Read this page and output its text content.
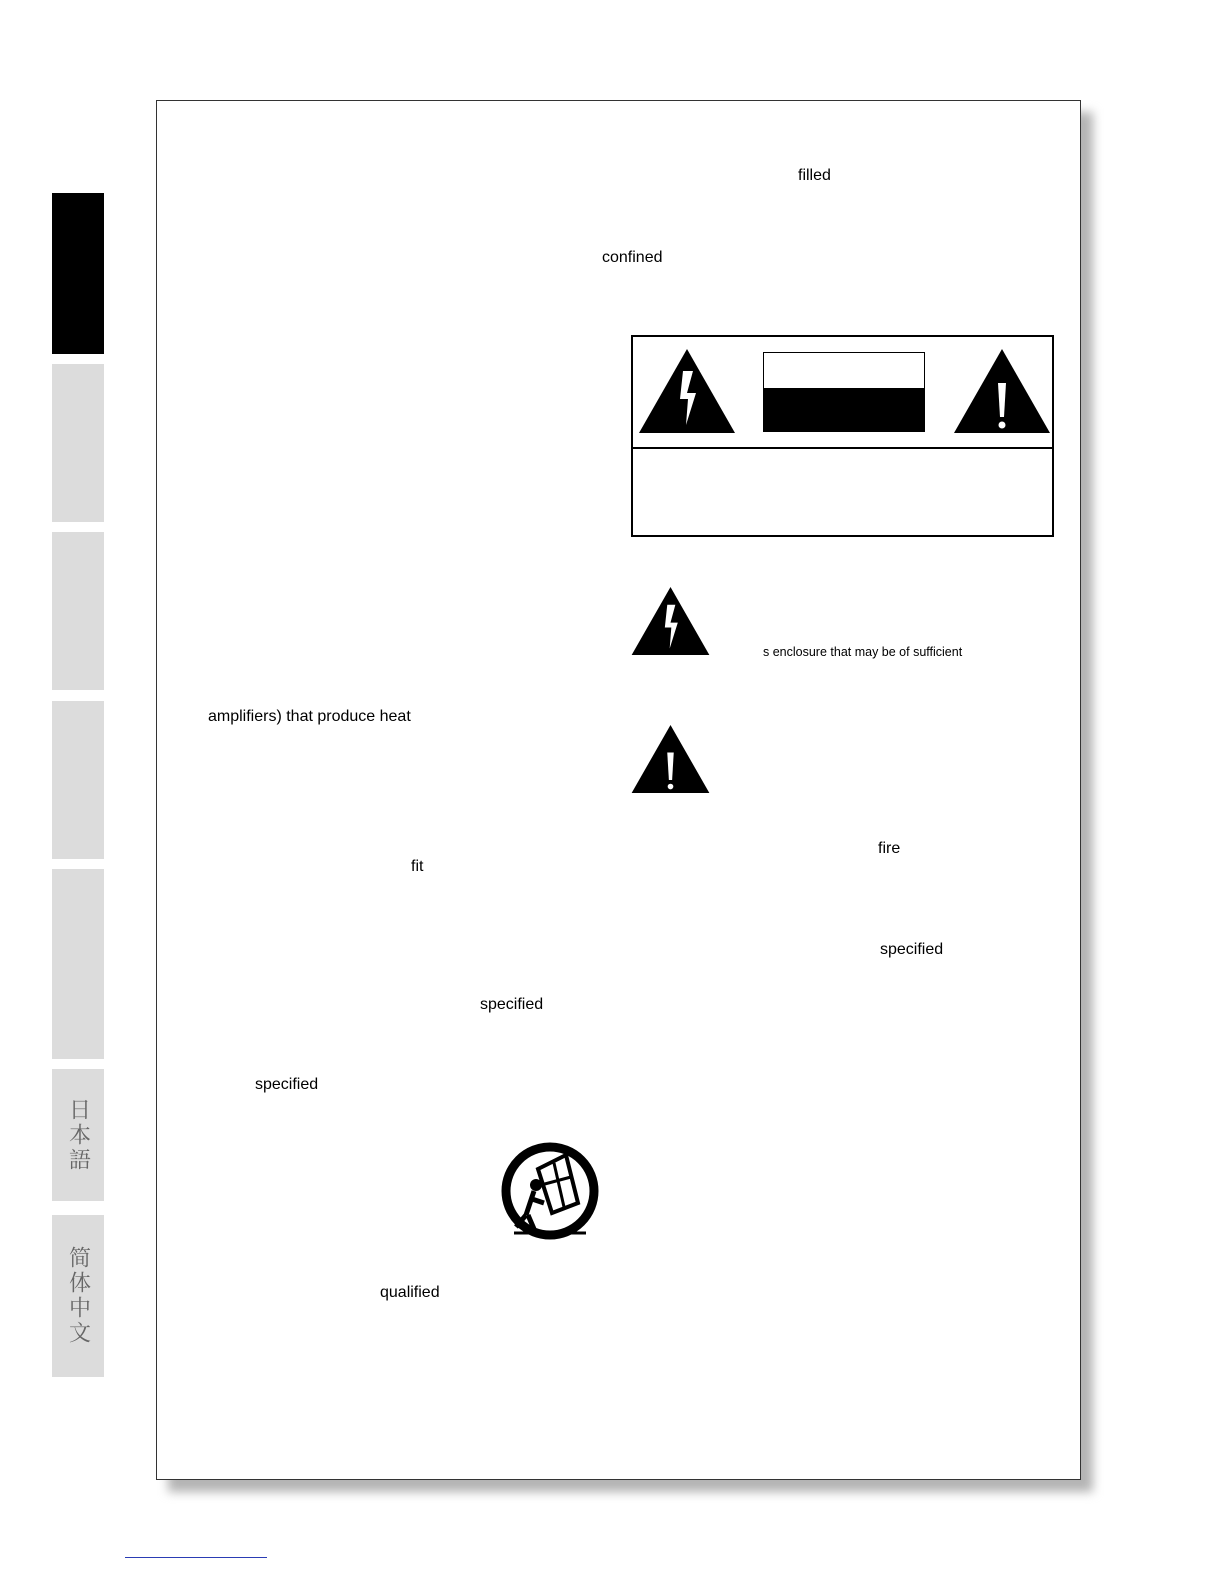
日本語
简体中文
filled
confined
s enclosure that may be of sufficient
amplifiers) that produce heat
fire
fit
specified
specified
specified
qualified
